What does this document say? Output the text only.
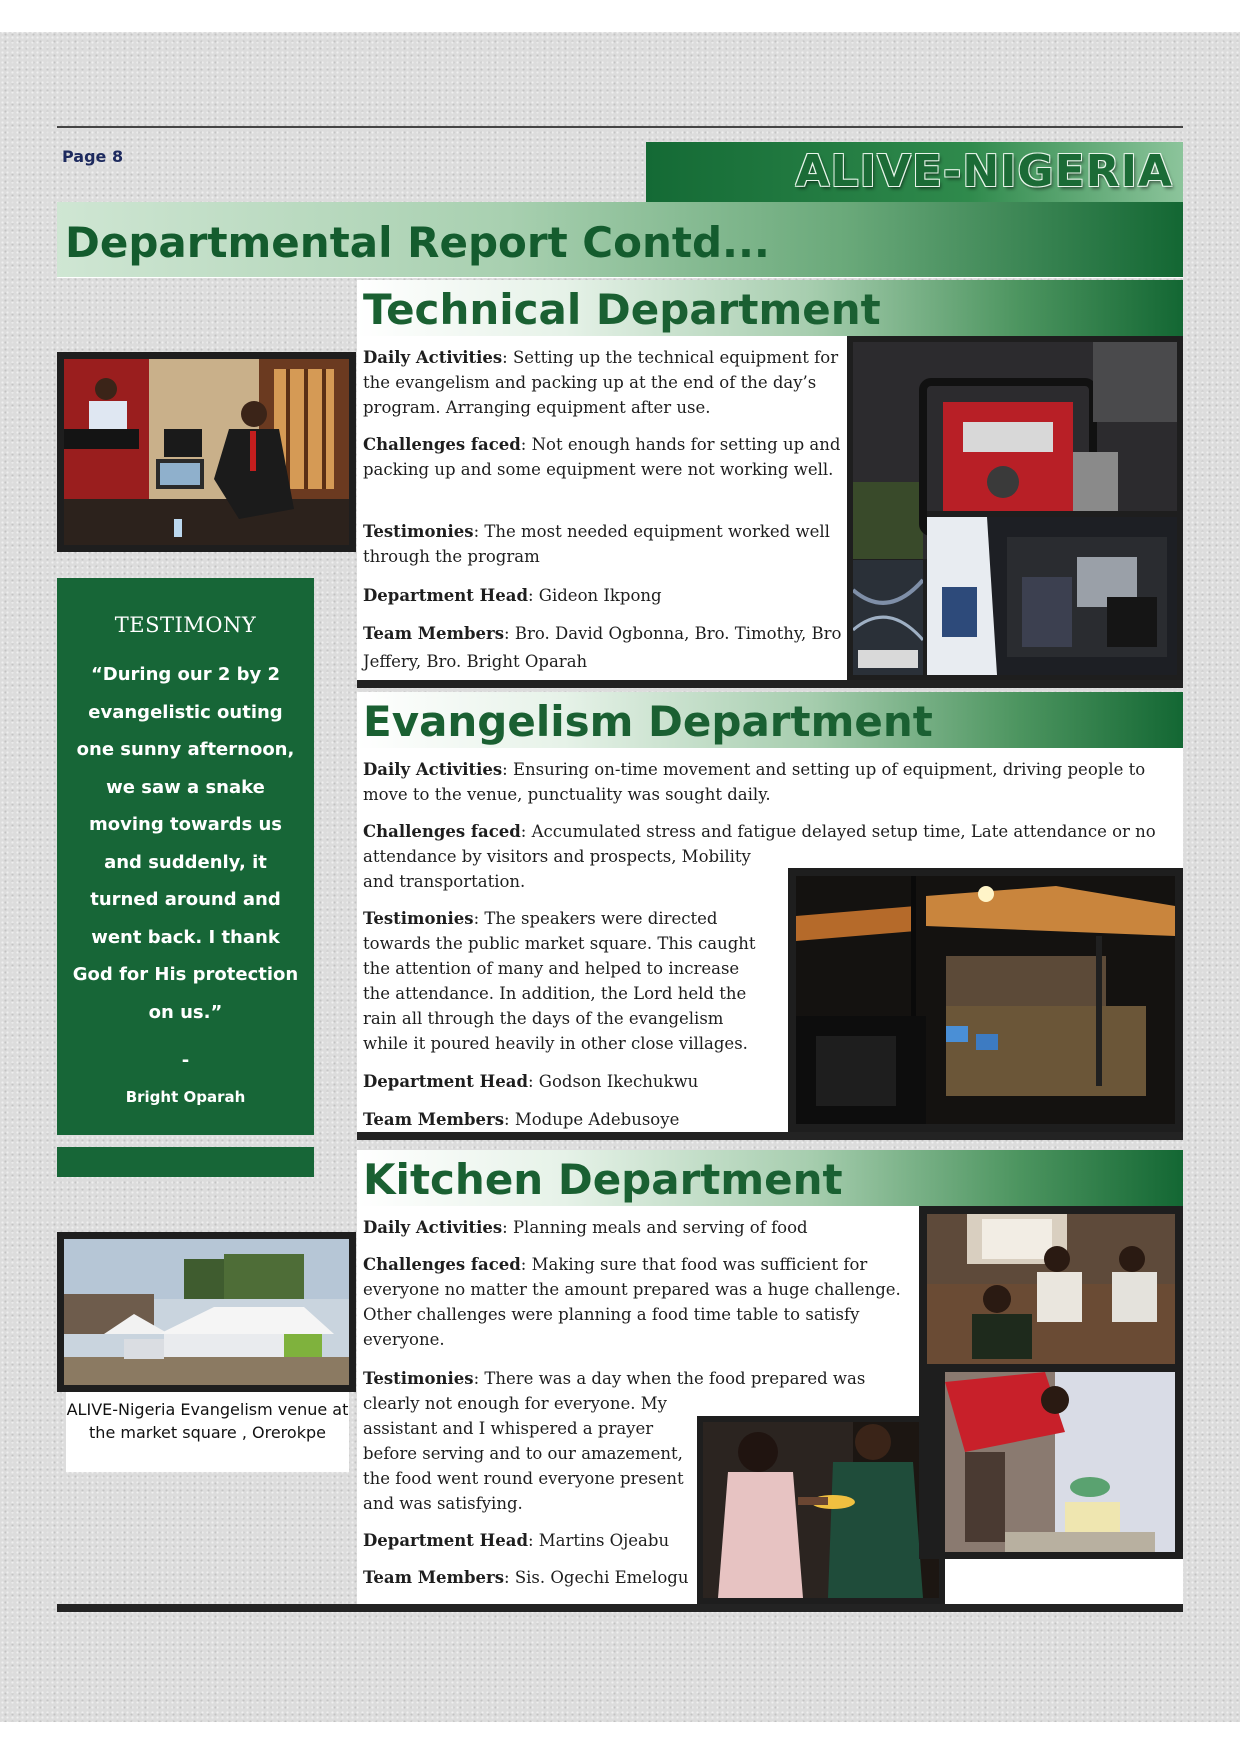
Page 8	ALIVE-NIGERIA
Departmental Report Contd...
TESTIMONY
“During our 2 by 2 evangelistic outing one sunny afternoon, we saw a snake moving towards us and suddenly, it turned around and went back. I thank God for His protection on us.”
-
Bright Oparah
ALIVE-Nigeria Evangelism venue at the market square , Orerokpe
Technical Department
Daily Activities: Setting up the technical equipment for the evangelism and packing up at the end of the day’s program. Arranging equipment after use.
Challenges faced: Not enough hands for setting up and packing up and some equipment were not working well.
Testimonies: The most needed equipment worked well through the program
Department Head: Gideon Ikpong
Team Members: Bro. David Ogbonna, Bro. Timothy, Bro Jeffery, Bro. Bright Oparah
Evangelism Department
Daily Activities: Ensuring on-time movement and setting up of equipment, driving people to move to the venue, punctuality was sought daily.
Challenges faced: Accumulated stress and fatigue delayed setup time, Late attendance or no
attendance by visitors and prospects, Mobility
and transportation.
Testimonies: The speakers were directed towards the public market square. This caught the attention of many and helped to increase the attendance. In addition, the Lord held the rain all through the days of the evangelism while it poured heavily in other close villages.
Department Head: Godson Ikechukwu
Team Members: Modupe Adebusoye
Kitchen Department
Daily Activities: Planning meals and serving of food
Challenges faced: Making sure that food was sufficient for everyone no matter the amount prepared was a huge challenge. Other challenges were planning a food time table to satisfy everyone.
Testimonies: There was a day when the food prepared was
clearly not enough for everyone. My assistant and I whispered a prayer before serving and to our amazement, the food went round everyone present and was satisfying.
Department Head: Martins Ojeabu
Team Members: Sis. Ogechi Emelogu
